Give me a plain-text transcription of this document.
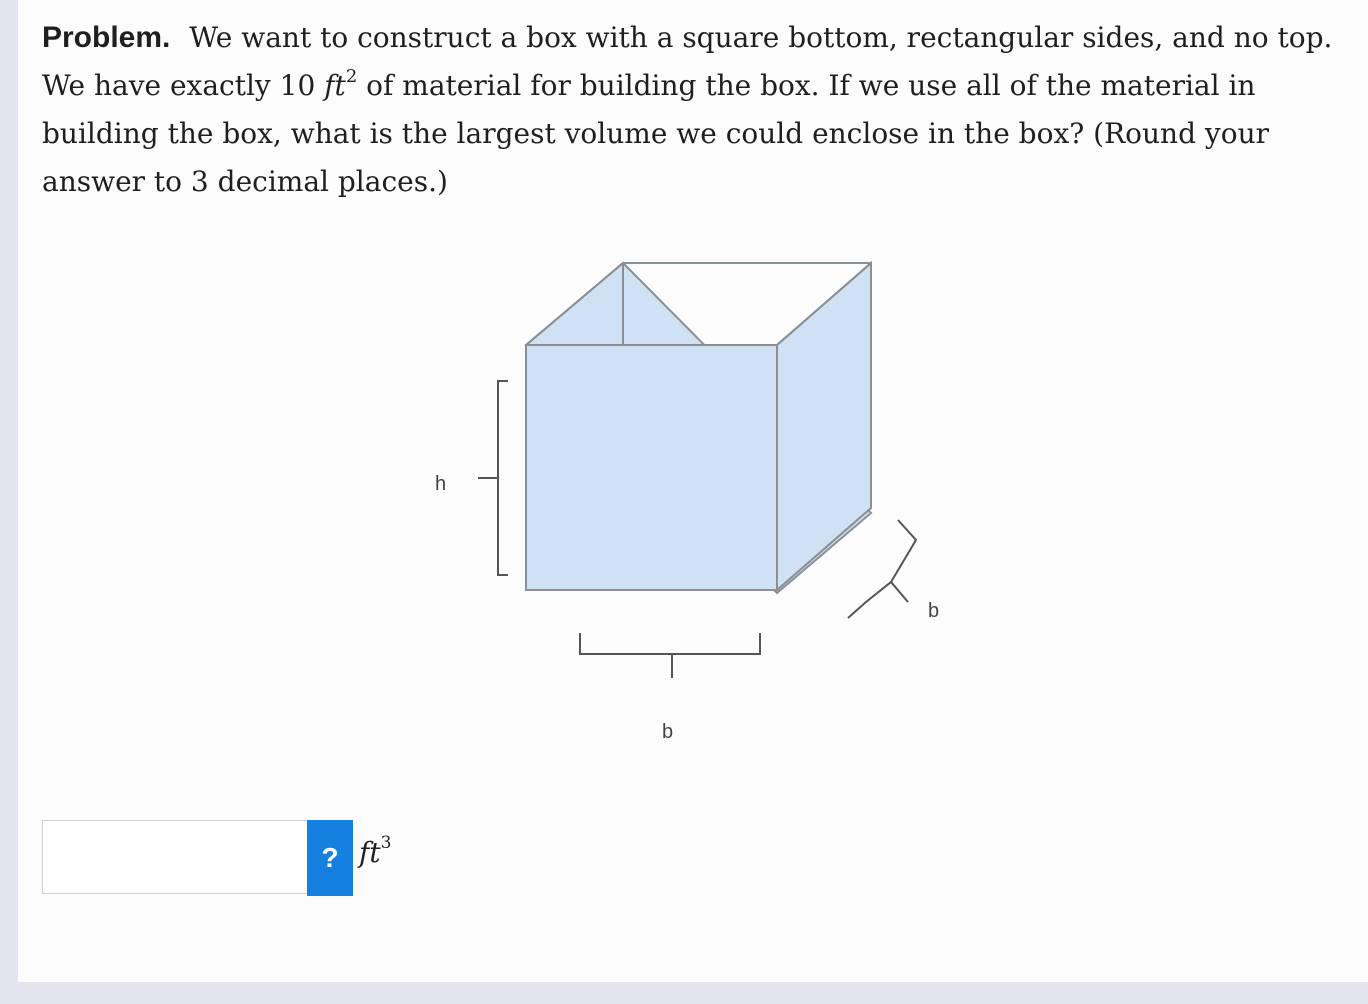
Problem. We want to construct a box with a square bottom, rectangular sides, and no top. We have exactly 10 $ft^2$ of material for building the box. If we use all of the material in building the box, what is the largest volume we could enclose in the box? (Round your answer to 3 decimal places.)
h
b
b
? $ft^3$
